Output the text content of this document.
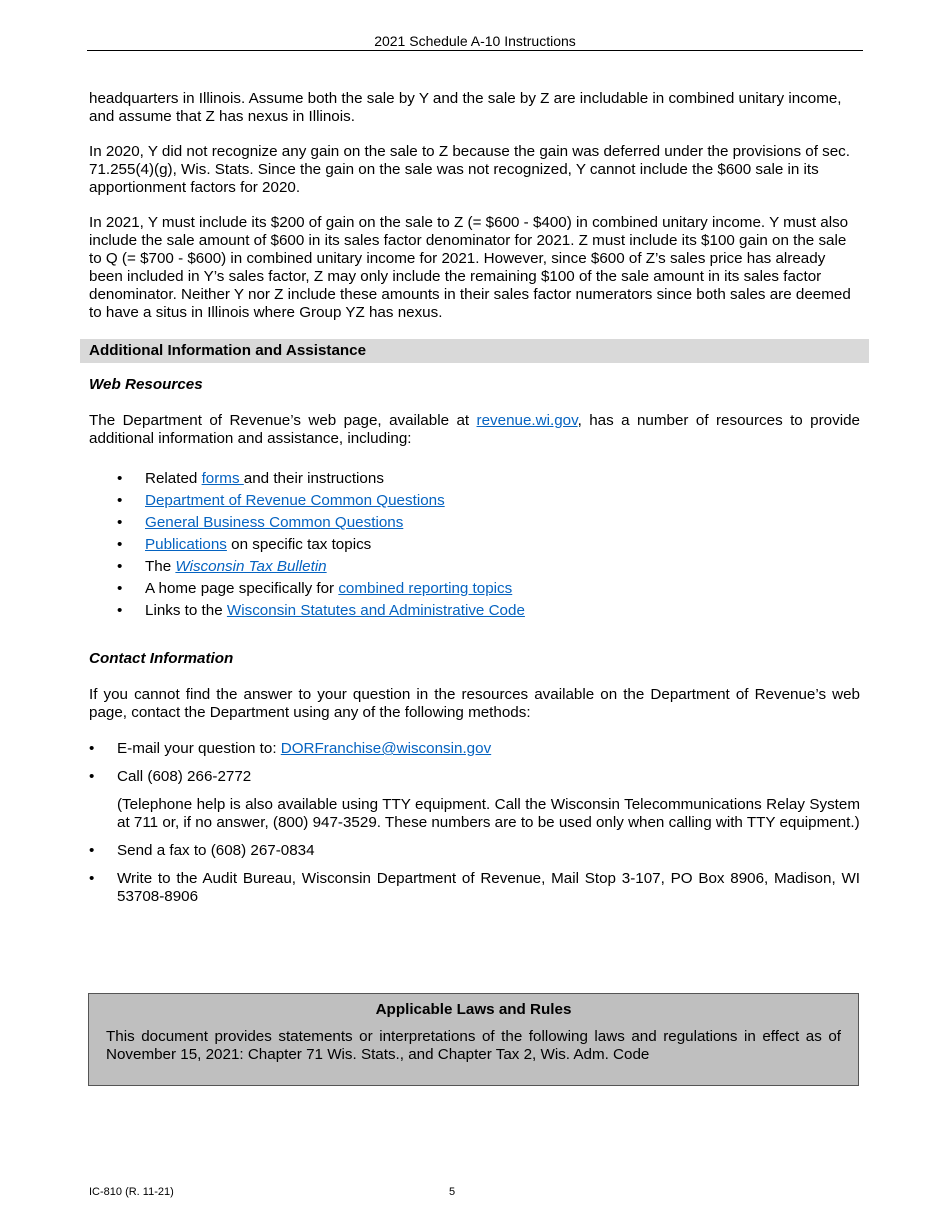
2021 Schedule A-10 Instructions

headquarters in Illinois. Assume both the sale by Y and the sale by Z are includable in combined unitary income, and assume that Z has nexus in Illinois.

In 2020, Y did not recognize any gain on the sale to Z because the gain was deferred under the provisions of sec. 71.255(4)(g), Wis. Stats. Since the gain on the sale was not recognized, Y cannot include the $600 sale in its apportionment factors for 2020.

In 2021, Y must include its $200 of gain on the sale to Z (= $600 - $400) in combined unitary income. Y must also include the sale amount of $600 in its sales factor denominator for 2021. Z must include its $100 gain on the sale to Q (= $700 - $600) in combined unitary income for 2021. However, since $600 of Z’s sales price has already been included in Y’s sales factor, Z may only include the remaining $100 of the sale amount in its sales factor denominator. Neither Y nor Z include these amounts in their sales factor numerators since both sales are deemed to have a situs in Illinois where Group YZ has nexus.

Additional Information and Assistance
Web Resources

The Department of Revenue’s web page, available at revenue.wi.gov, has a number of resources to provide additional information and assistance, including:

• Related forms and their instructions
• Department of Revenue Common Questions
• General Business Common Questions
• Publications on specific tax topics
• The Wisconsin Tax Bulletin
• A home page specifically for combined reporting topics
• Links to the Wisconsin Statutes and Administrative Code
Contact Information

If you cannot find the answer to your question in the resources available on the Department of Revenue’s web page, contact the Department using any of the following methods:

• E-mail your question to: DORFranchise@wisconsin.gov
• Call (608) 266-2772

(Telephone help is also available using TTY equipment. Call the Wisconsin Telecommunications Relay System at 711 or, if no answer, (800) 947-3529. These numbers are to be used only when calling with TTY equipment.)

• Send a fax to (608) 267-0834
• Write to the Audit Bureau, Wisconsin Department of Revenue, Mail Stop 3-107, PO Box 8906, Madison, WI 53708-8906
Applicable Laws and Rules

This document provides statements or interpretations of the following laws and regulations in effect as of November 15, 2021: Chapter 71 Wis. Stats., and Chapter Tax 2, Wis. Adm. Code

IC-810 (R. 11-21)	5
